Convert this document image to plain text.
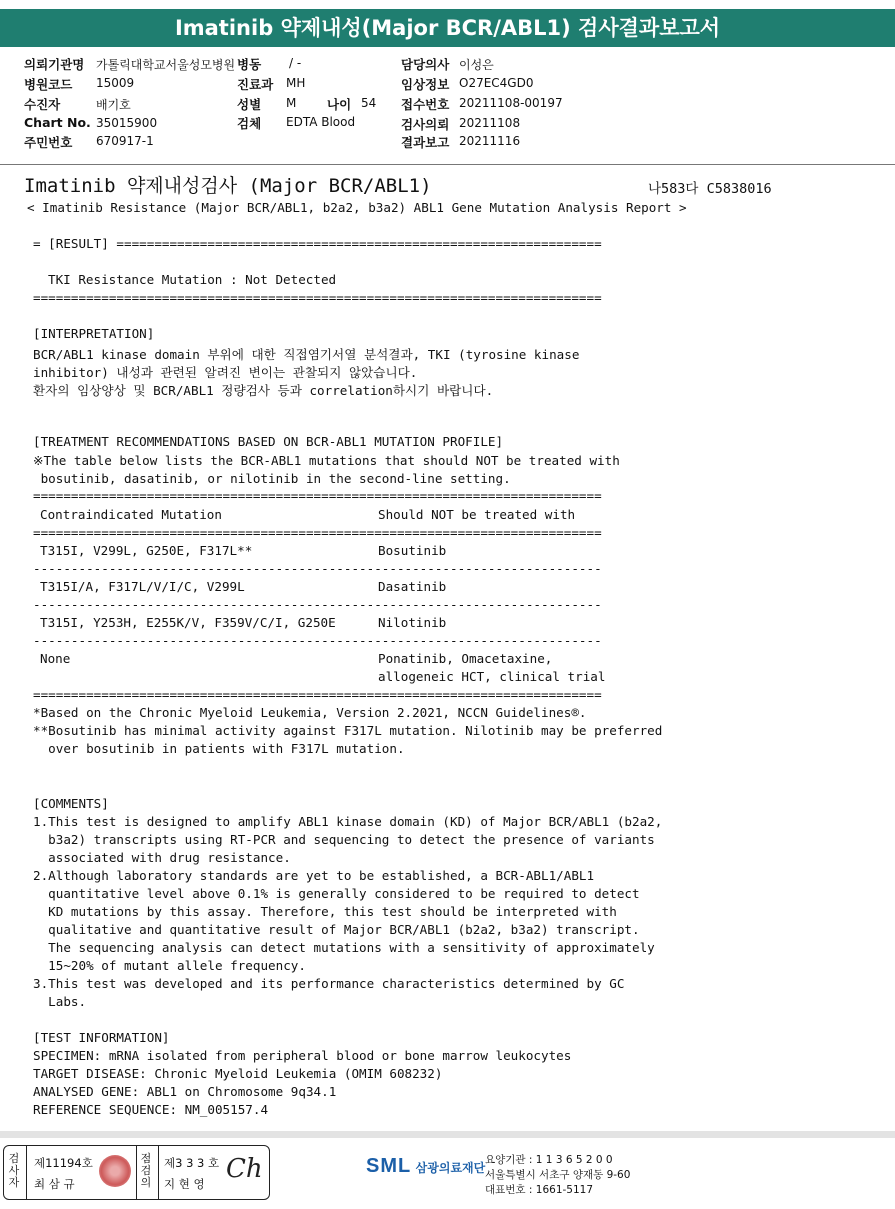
Imatinib 약제내성(Major BCR/ABL1) 검사결과보고서
의뢰기관명 가톨릭대학교서울성모병원
병원코드 15009
수진자	배기호
Chart No. 35015900
주민번호 670917-1
병동 / -
진료과 MH
성별 M
검체 EDTA Blood
나이 54
담당의사 이성은
임상정보 O27EC4GD0
접수번호 20211108-00197
검사의뢰 20211108
결과보고 20211116
Imatinib 약제내성검사 (Major BCR/ABL1)	나583다 C5838016
< Imatinib Resistance (Major BCR/ABL1, b2a2, b3a2) ABL1 Gene Mutation Analysis Report >
= [RESULT] ================================================================
TKI Resistance Mutation : Not Detected
===========================================================================
[INTERPRETATION]
BCR/ABL1 kinase domain 부위에 대한 직접염기서열 분석결과, TKI (tyrosine kinase
inhibitor) 내성과 관련된 알려진 변이는 관찰되지 않았습니다.
환자의 임상양상 및 BCR/ABL1 정량검사 등과 correlation하시기 바랍니다.
[TREATMENT RECOMMENDATIONS BASED ON BCR-ABL1 MUTATION PROFILE]
※The table below lists the BCR-ABL1 mutations that should NOT be treated with
bosutinib, dasatinib, or nilotinib in the second-line setting.
===========================================================================
Contraindicated Mutation	Should NOT be treated with
===========================================================================
T315I, V299L, G250E, F317L**	Bosutinib
---------------------------------------------------------------------------
T315I/A, F317L/V/I/C, V299L	Dasatinib
---------------------------------------------------------------------------
T315I, Y253H, E255K/V, F359V/C/I, G250E	Nilotinib
---------------------------------------------------------------------------
None	Ponatinib, Omacetaxine,
allogeneic HCT, clinical trial
===========================================================================
*Based on the Chronic Myeloid Leukemia, Version 2.2021, NCCN Guidelines®.
**Bosutinib has minimal activity against F317L mutation. Nilotinib may be preferred
over bosutinib in patients with F317L mutation.
[COMMENTS]
1.This test is designed to amplify ABL1 kinase domain (KD) of Major BCR/ABL1 (b2a2,
b3a2) transcripts using RT-PCR and sequencing to detect the presence of variants
associated with drug resistance.
2.Although laboratory standards are yet to be established, a BCR-ABL1/ABL1
quantitative level above 0.1% is generally considered to be required to detect
KD mutations by this assay. Therefore, this test should be interpreted with
qualitative and quantitative result of Major BCR/ABL1 (b2a2, b3a2) transcript.
The sequencing analysis can detect mutations with a sensitivity of approximately
15~20% of mutant allele frequency.
3.This test was developed and its performance characteristics determined by GC
Labs.
[TEST INFORMATION]
SPECIMEN: mRNA isolated from peripheral blood or bone marrow leukocytes
TARGET DISEASE: Chronic Myeloid Leukemia (OMIM 608232)
ANALYSED GENE: ABL1 on Chromosome 9q34.1
REFERENCE SEQUENCE: NM_005157.4
검사자
제11194호
최 삼 규
점검의
제3 3 3 호
지 현 영 Ch	SML 삼광의료재단
요양기관 : 1 1 3 6 5 2 0 0
서울특별시 서초구 양재동 9-60
대표번호 : 1661-5117
